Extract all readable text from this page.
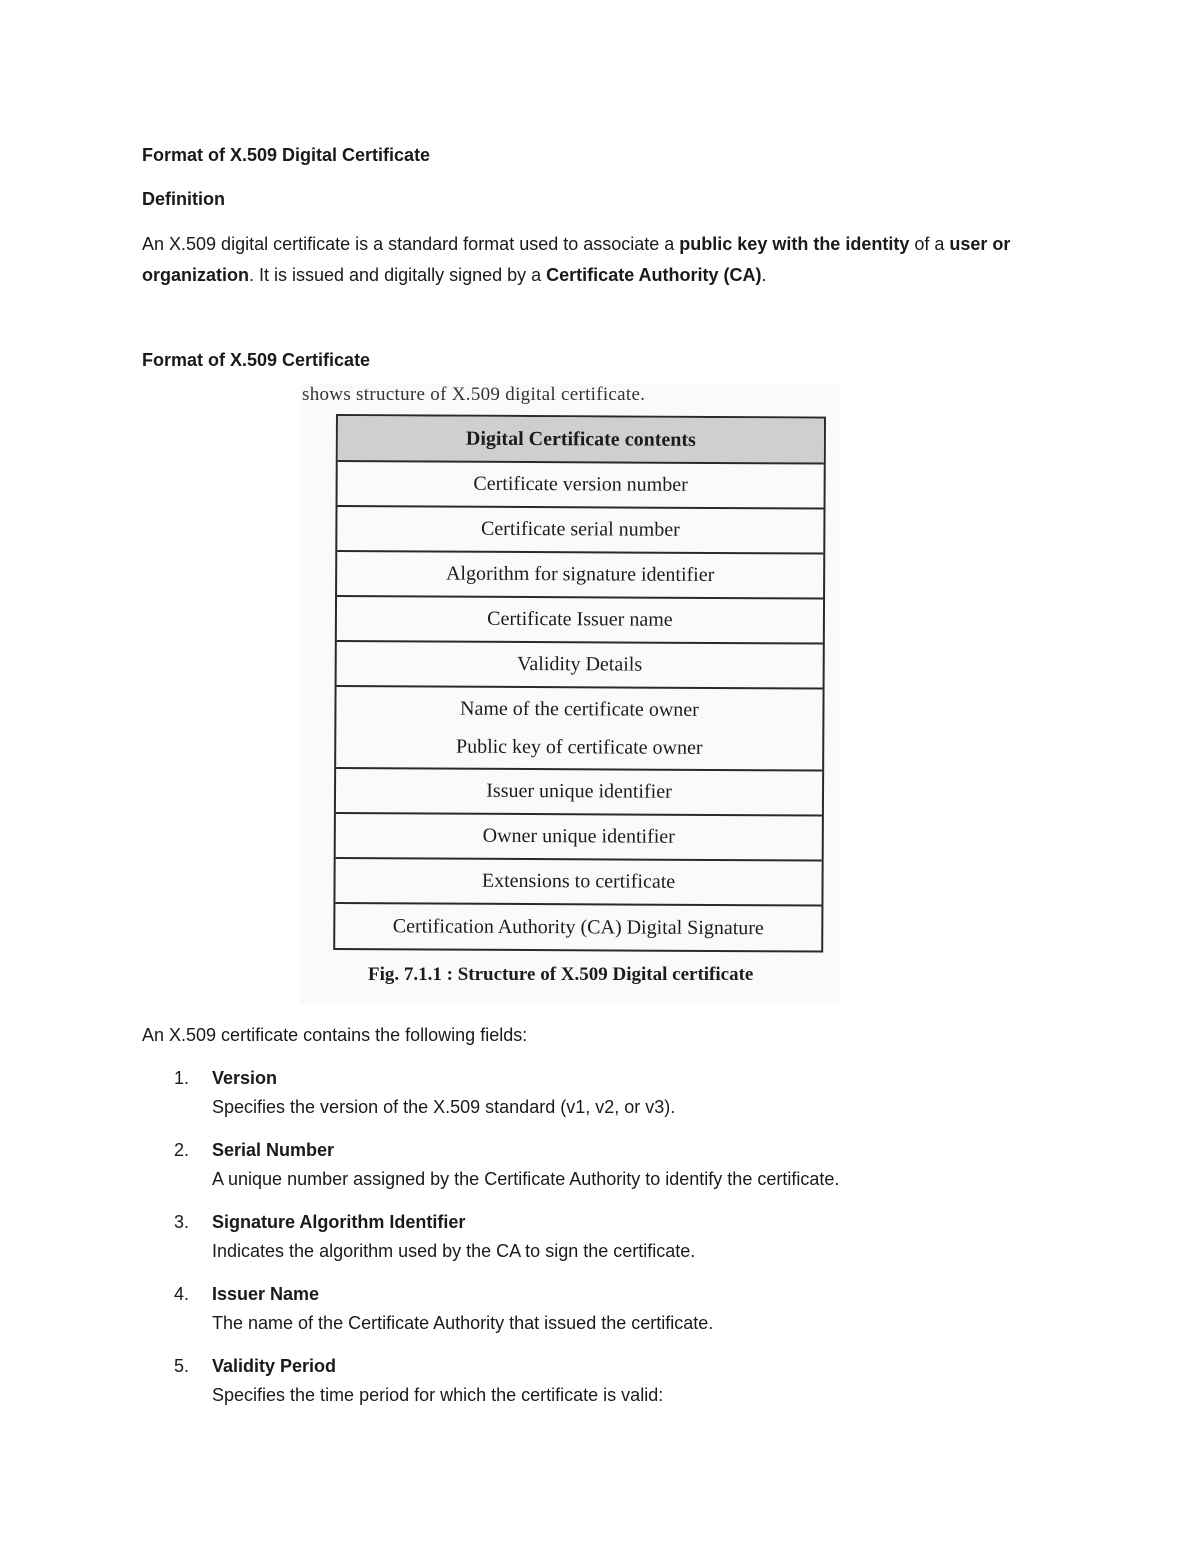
Format of X.509 Digital Certificate
Definition
An X.509 digital certificate is a standard format used to associate a public key with the identity of a user or organization. It is issued and digitally signed by a Certificate Authority (CA).
Format of X.509 Certificate
shows structure of X.509 digital certificate.
Digital Certificate contents
Certificate version number
Certificate serial number
Algorithm for signature identifier
Certificate Issuer name
Validity Details
Name of the certificate owner
Public key of certificate owner
Issuer unique identifier
Owner unique identifier
Extensions to certificate
Certification Authority (CA) Digital Signature
Fig. 7.1.1 : Structure of X.509 Digital certificate
An X.509 certificate contains the following fields:
1. Version
Specifies the version of the X.509 standard (v1, v2, or v3).
2. Serial Number
A unique number assigned by the Certificate Authority to identify the certificate.
3. Signature Algorithm Identifier
Indicates the algorithm used by the CA to sign the certificate.
4. Issuer Name
The name of the Certificate Authority that issued the certificate.
5. Validity Period
Specifies the time period for which the certificate is valid:
